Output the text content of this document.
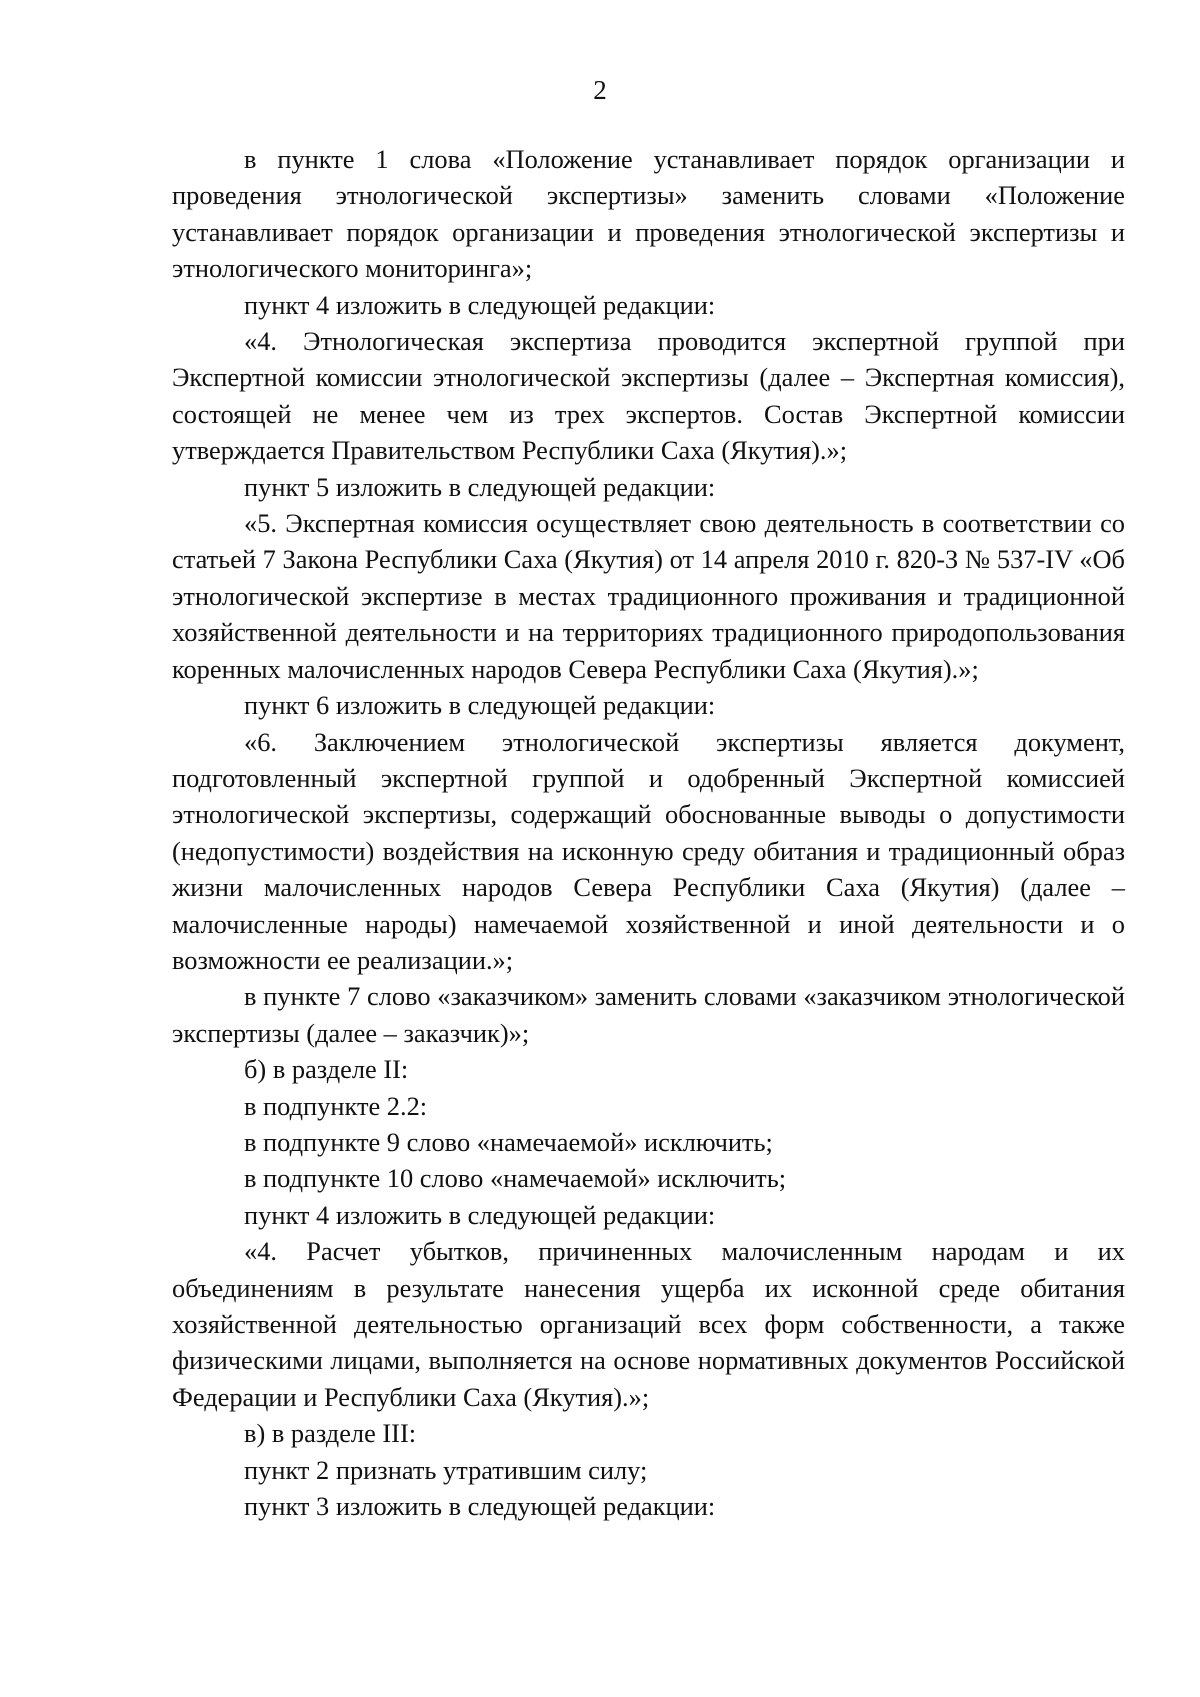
2

в пункте 1 слова «Положение устанавливает порядок организации и проведения этнологической экспертизы» заменить словами «Положение устанавливает порядок организации и проведения этнологической экспертизы и этнологического мониторинга»;

пункт 4 изложить в следующей редакции:

«4. Этнологическая экспертиза проводится экспертной группой при Экспертной комиссии этнологической экспертизы (далее – Экспертная комиссия), состоящей не менее чем из трех экспертов. Состав Экспертной комиссии утверждается Правительством Республики Саха (Якутия).»;

пункт 5 изложить в следующей редакции:

«5. Экспертная комиссия осуществляет свою деятельность в соответствии со статьей 7 Закона Республики Саха (Якутия) от 14 апреля 2010 г. 820-З № 537-IV «Об этнологической экспертизе в местах традиционного проживания и традиционной хозяйственной деятельности и на территориях традиционного природопользования коренных малочисленных народов Севера Республики Саха (Якутия).»;

пункт 6 изложить в следующей редакции:

«6. Заключением этнологической экспертизы является документ, подготовленный экспертной группой и одобренный Экспертной комиссией этнологической экспертизы, содержащий обоснованные выводы о допустимости (недопустимости) воздействия на исконную среду обитания и традиционный образ жизни малочисленных народов Севера Республики Саха (Якутия) (далее – малочисленные народы) намечаемой хозяйственной и иной деятельности и о возможности ее реализации.»;

в пункте 7 слово «заказчиком» заменить словами «заказчиком этнологической экспертизы (далее – заказчик)»;

б) в разделе II:

в подпункте 2.2:

в подпункте 9 слово «намечаемой» исключить;

в подпункте 10 слово «намечаемой» исключить;

пункт 4 изложить в следующей редакции:

«4. Расчет убытков, причиненных малочисленным народам и их объединениям в результате нанесения ущерба их исконной среде обитания хозяйственной деятельностью организаций всех форм собственности, а также физическими лицами, выполняется на основе нормативных документов Российской Федерации и Республики Саха (Якутия).»;

в) в разделе III:

пункт 2 признать утратившим силу;

пункт 3 изложить в следующей редакции:
